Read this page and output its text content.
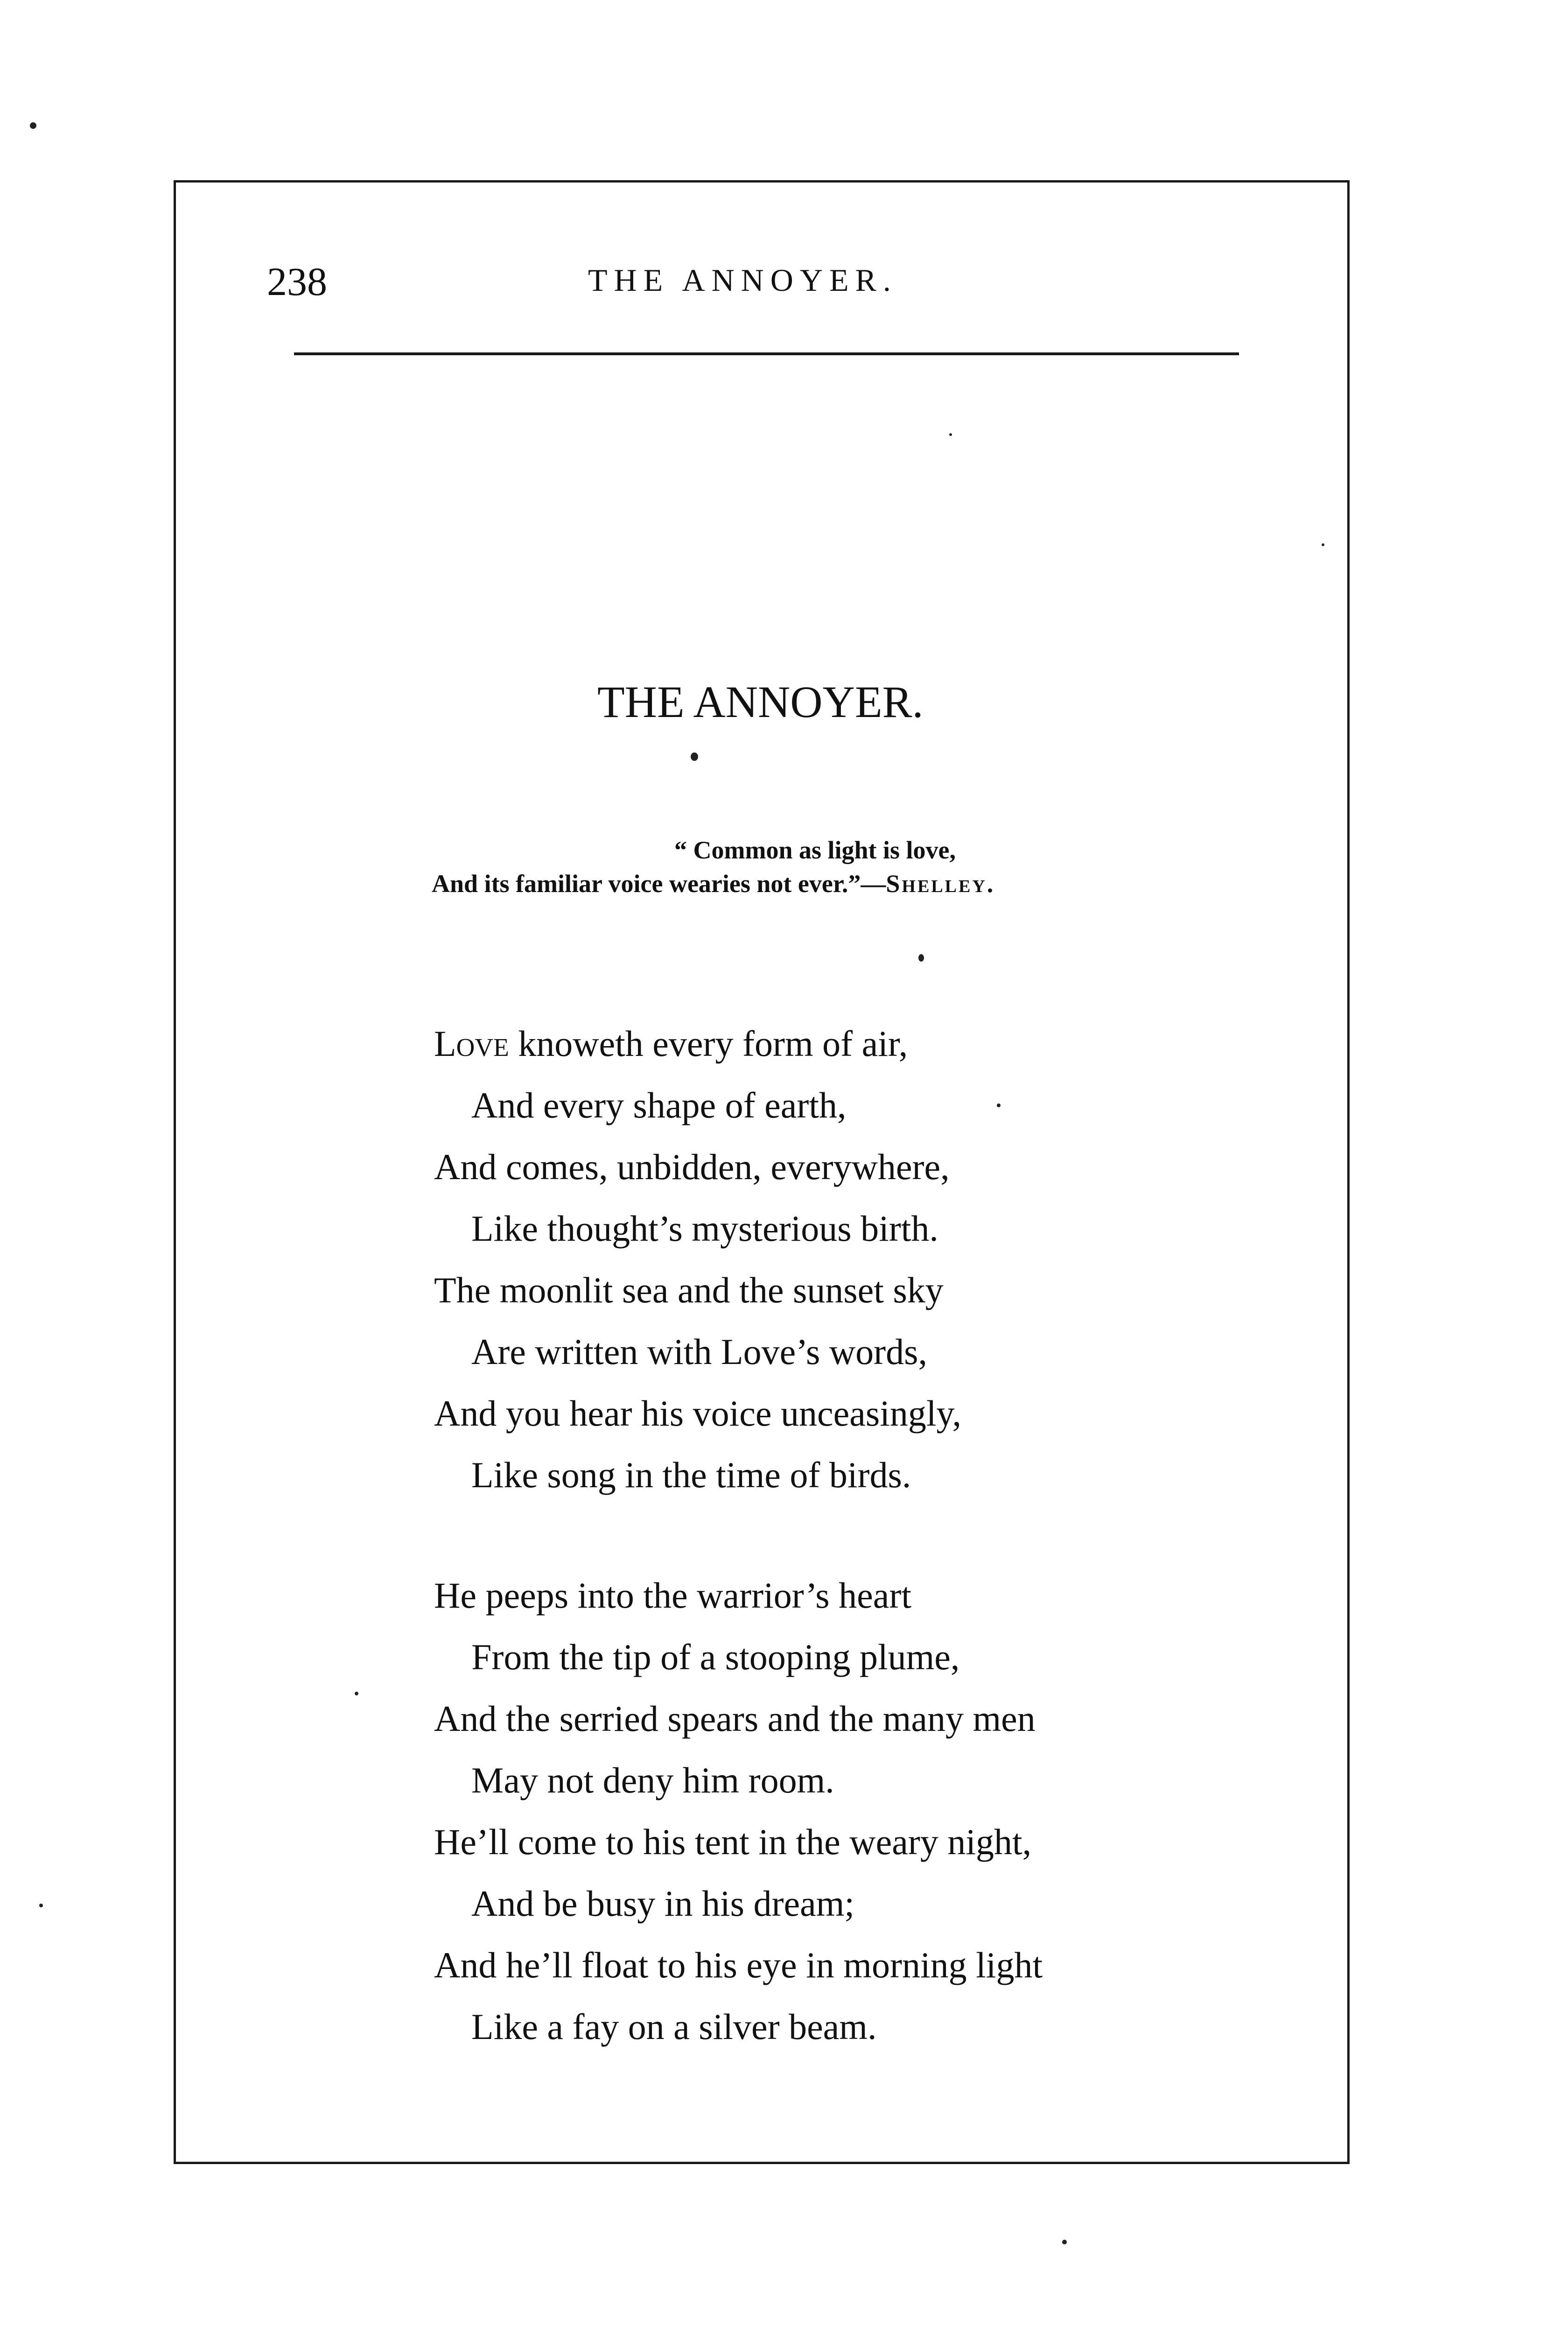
238	THE ANNOYER.
THE ANNOYER.
“ Common as light is love,
And its familiar voice wearies not ever.”—Shelley.
Love knoweth every form of air,
And every shape of earth,
And comes, unbidden, everywhere,
Like thought’s mysterious birth.
The moonlit sea and the sunset sky
Are written with Love’s words,
And you hear his voice unceasingly,
Like song in the time of birds.
He peeps into the warrior’s heart
From the tip of a stooping plume,
And the serried spears and the many men
May not deny him room.
He’ll come to his tent in the weary night,
And be busy in his dream;
And he’ll float to his eye in morning light
Like a fay on a silver beam.
